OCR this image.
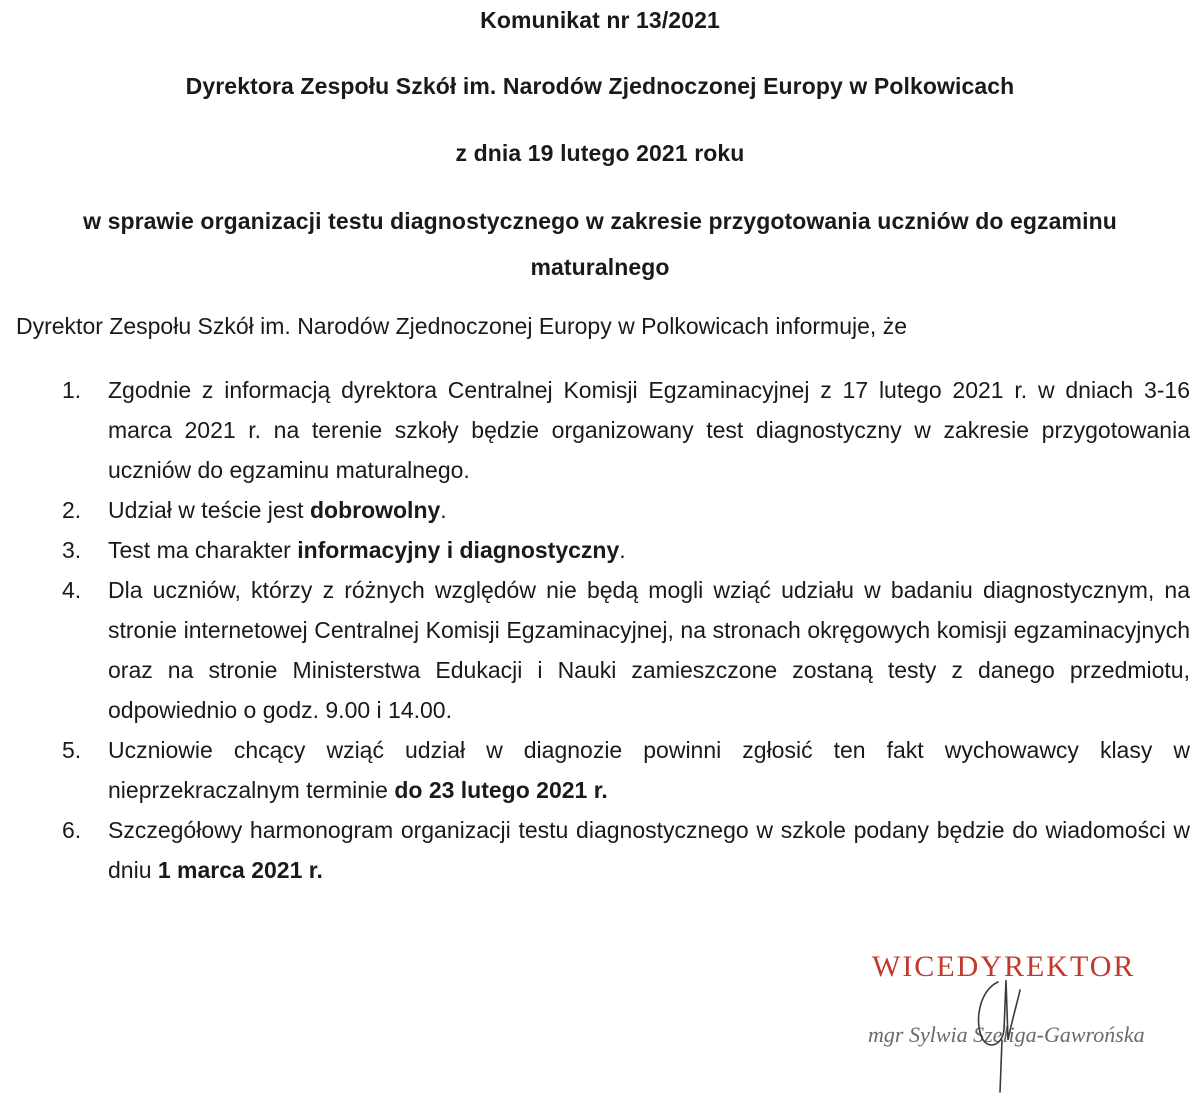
Komunikat nr 13/2021
Dyrektora Zespołu Szkół im. Narodów Zjednoczonej Europy w Polkowicach
z dnia 19 lutego 2021 roku
w sprawie organizacji testu diagnostycznego w zakresie przygotowania uczniów do egzaminu maturalnego
Dyrektor Zespołu Szkół im. Narodów Zjednoczonej Europy w Polkowicach informuje, że
1. Zgodnie z informacją dyrektora Centralnej Komisji Egzaminacyjnej z 17 lutego 2021 r. w dniach 3-16 marca 2021 r. na terenie szkoły będzie organizowany test diagnostyczny w zakresie przygotowania uczniów do egzaminu maturalnego.
2. Udział w teście jest dobrowolny.
3. Test ma charakter informacyjny i diagnostyczny.
4. Dla uczniów, którzy z różnych względów nie będą mogli wziąć udziału w badaniu diagnostycznym, na stronie internetowej Centralnej Komisji Egzaminacyjnej, na stronach okręgowych komisji egzaminacyjnych oraz na stronie Ministerstwa Edukacji i Nauki zamieszczone zostaną testy z danego przedmiotu, odpowiednio o godz. 9.00 i 14.00.
5. Uczniowie chcący wziąć udział w diagnozie powinni zgłosić ten fakt wychowawcy klasy w nieprzekraczalnym terminie do 23 lutego 2021 r.
6. Szczegółowy harmonogram organizacji testu diagnostycznego w szkole podany będzie do wiadomości w dniu 1 marca 2021 r.
WICEDYREKTOR
mgr Sylwia Szeliga-Gawrońska
